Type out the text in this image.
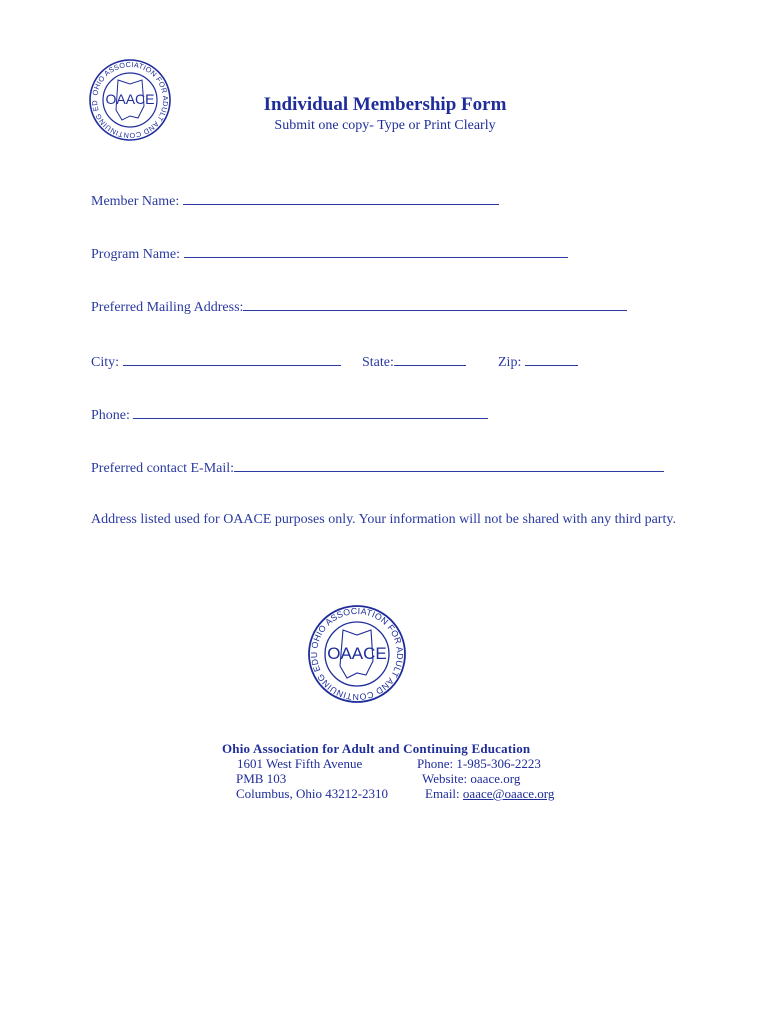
OHIO ASSOCIATION FOR ADULT AND CONTINUING ED OAACE	Individual Membership Form
Submit one copy- Type or Print Clearly
Member Name:
Program Name:
Preferred Mailing Address:
City:	State:	Zip:
Phone:
Preferred contact E-Mail:
Address listed used for OAACE purposes only. Your information will not be shared with any third party.
OHIO ASSOCIATION FOR ADULT AND CONTINUING EDU OAACE
Ohio Association for Adult and Continuing Education
1601 West Fifth Avenue
PMB 103
Columbus, Ohio 43212-2310
Phone: 1-985-306-2223
Website: oaace.org
Email: oaace@oaace.org
